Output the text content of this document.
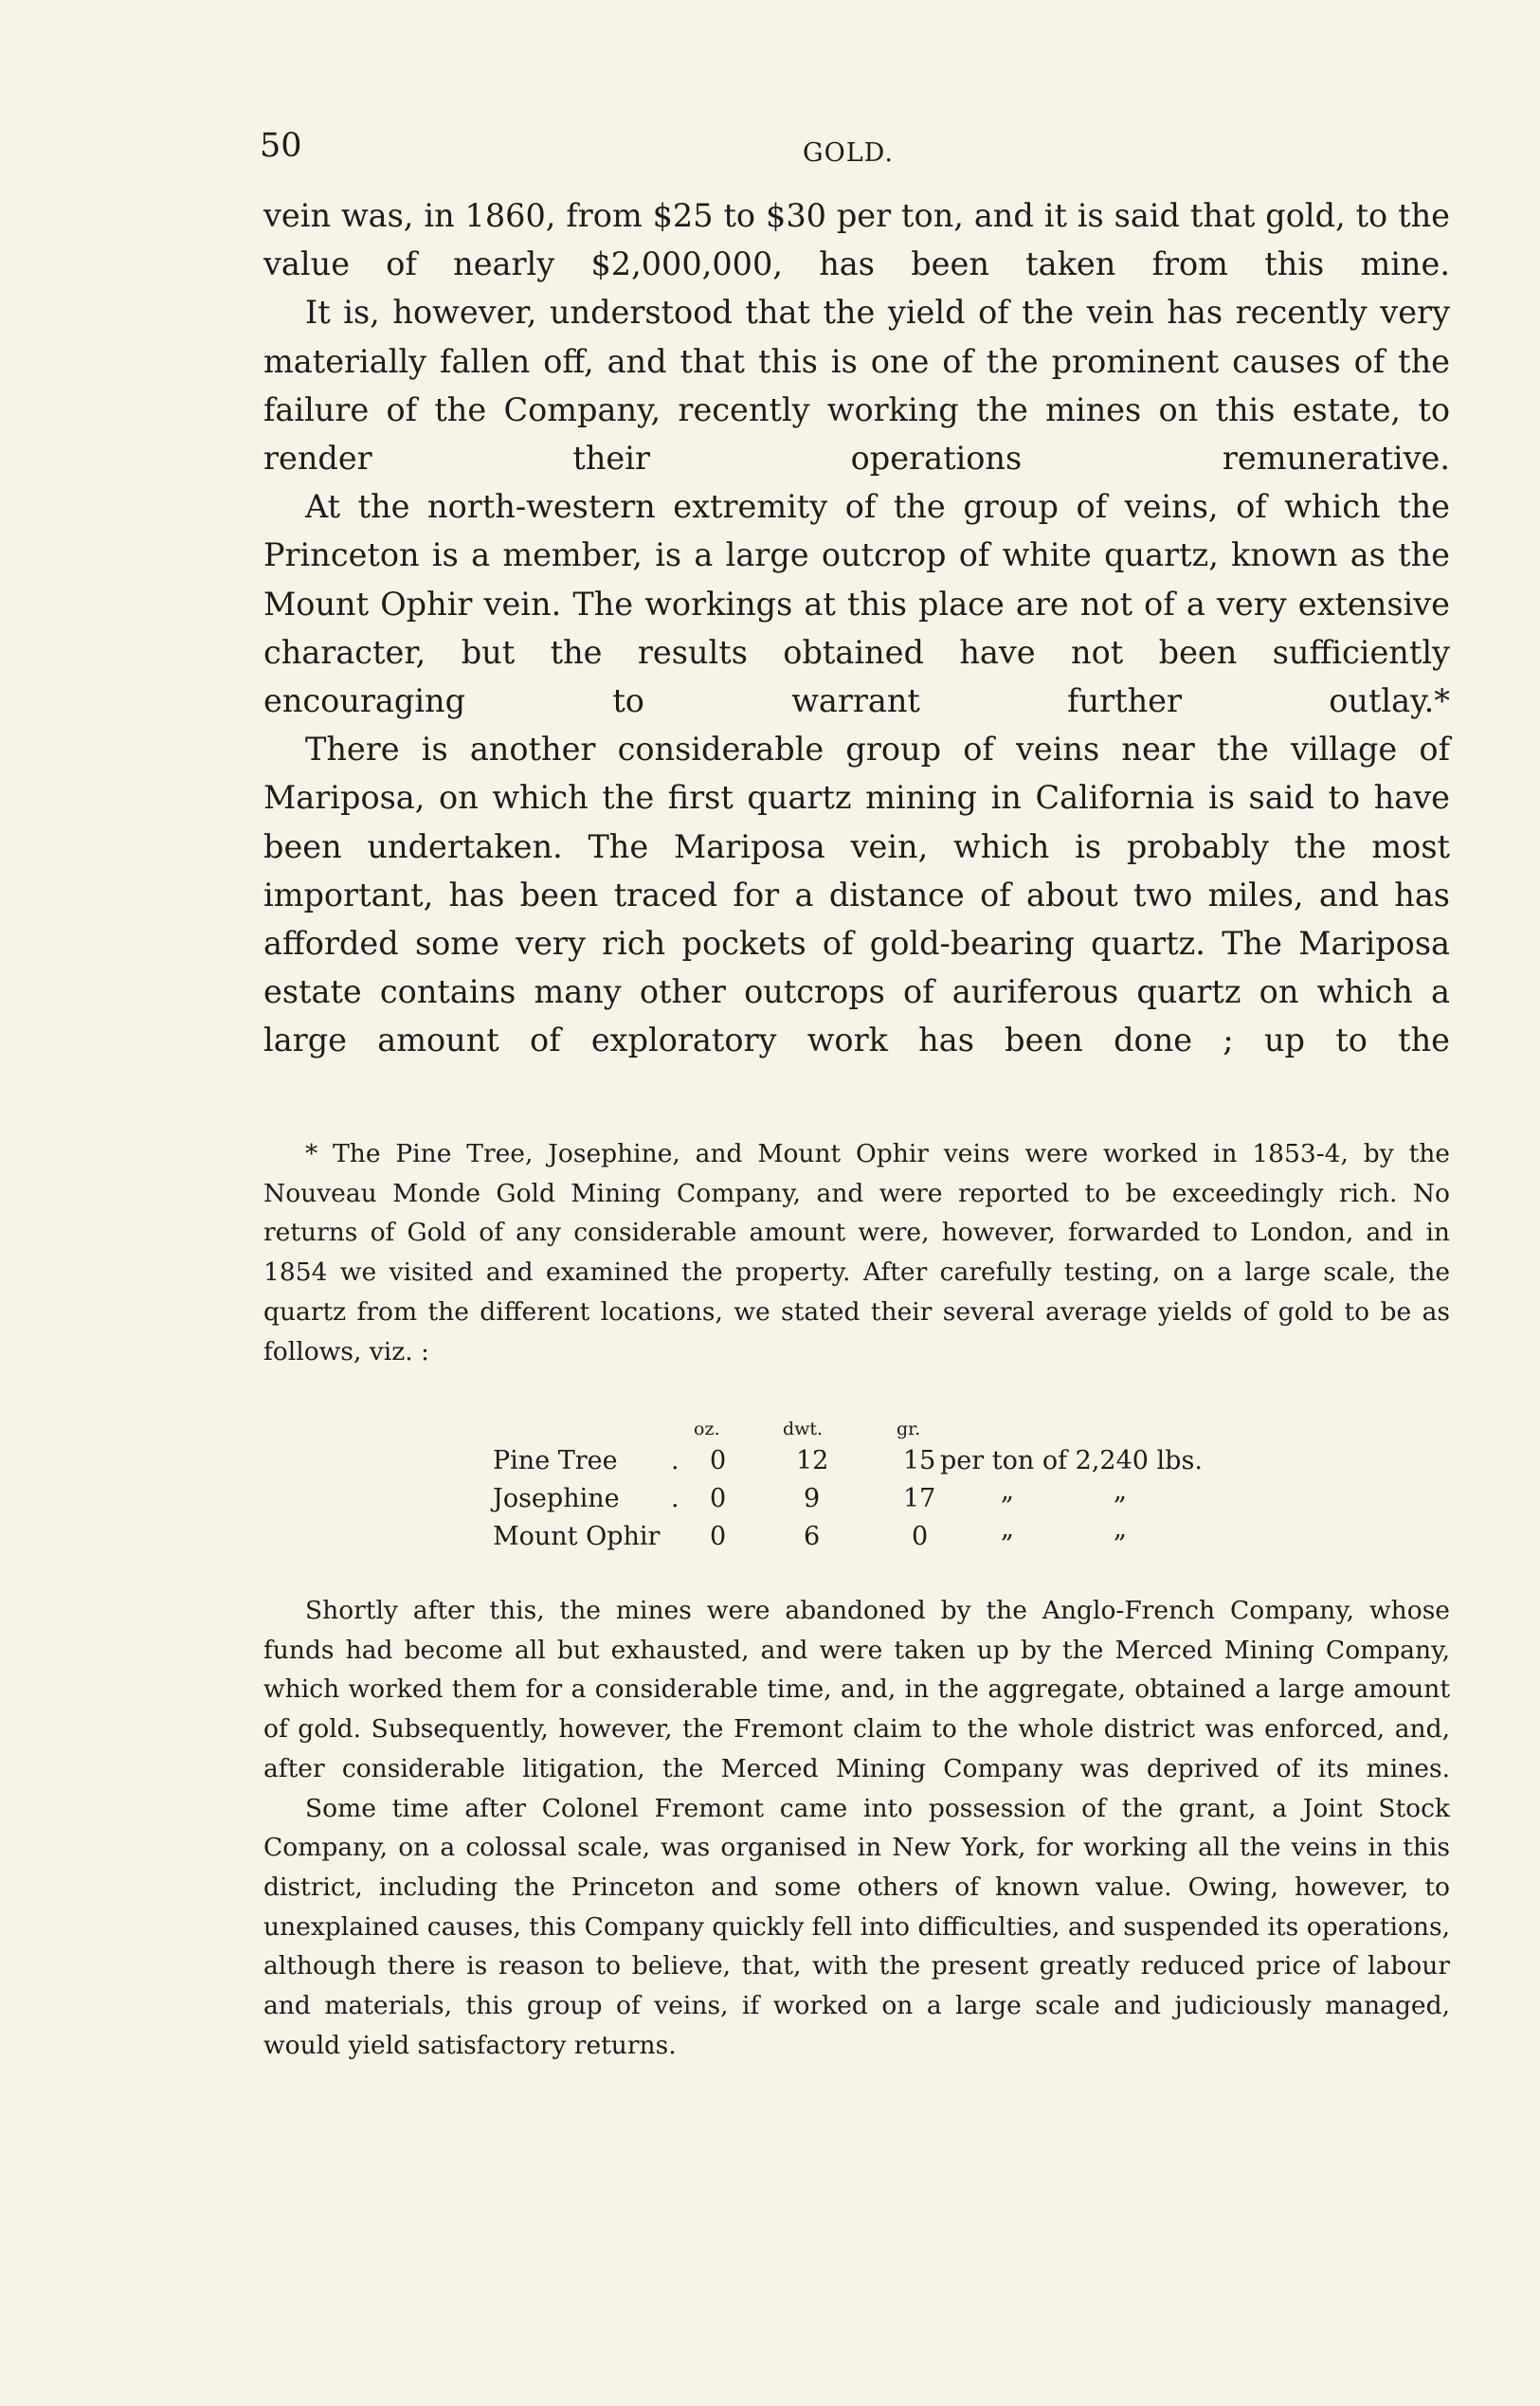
50	GOLD.

vein was, in 1860, from $25 to $30 per ton, and it is said that gold, to the value of nearly $2,000,000, has been taken from this mine.

It is, however, understood that the yield of the vein has recently very materially fallen off, and that this is one of the prominent causes of the failure of the Company, recently working the mines on this estate, to render their operations remunerative.

At the north-western extremity of the group of veins, of which the Princeton is a member, is a large outcrop of white quartz, known as the Mount Ophir vein. The workings at this place are not of a very extensive character, but the results obtained have not been sufficiently encouraging to warrant further outlay.*

There is another considerable group of veins near the village of Mariposa, on which the first quartz mining in California is said to have been undertaken. The Mariposa vein, which is probably the most important, has been traced for a distance of about two miles, and has afforded some very rich pockets of gold-bearing quartz. The Mariposa estate contains many other outcrops of auriferous quartz on which a large amount of exploratory work has been done ; up to the

* The Pine Tree, Josephine, and Mount Ophir veins were worked in 1853-4, by the Nouveau Monde Gold Mining Company, and were reported to be exceedingly rich. No returns of Gold of any considerable amount were, however, forwarded to London, and in 1854 we visited and examined the property. After carefully testing, on a large scale, the quartz from the different locations, we stated their several average yields of gold to be as follows, viz. :

oz.	dwt.	gr.
Pine Tree . 0	12	15 per ton of 2,240 lbs.
Josephine . 0	9	17	„	„
Mount Ophir 0	6	0	„	„

Shortly after this, the mines were abandoned by the Anglo-French Company, whose funds had become all but exhausted, and were taken up by the Merced Mining Company, which worked them for a considerable time, and, in the aggregate, obtained a large amount of gold. Subsequently, however, the Fremont claim to the whole district was enforced, and, after considerable litigation, the Merced Mining Company was deprived of its mines.

Some time after Colonel Fremont came into possession of the grant, a Joint Stock Company, on a colossal scale, was organised in New York, for working all the veins in this district, including the Princeton and some others of known value. Owing, however, to unexplained causes, this Company quickly fell into difficulties, and suspended its operations, although there is reason to believe, that, with the present greatly reduced price of labour and materials, this group of veins, if worked on a large scale and judiciously managed, would yield satisfactory returns.
